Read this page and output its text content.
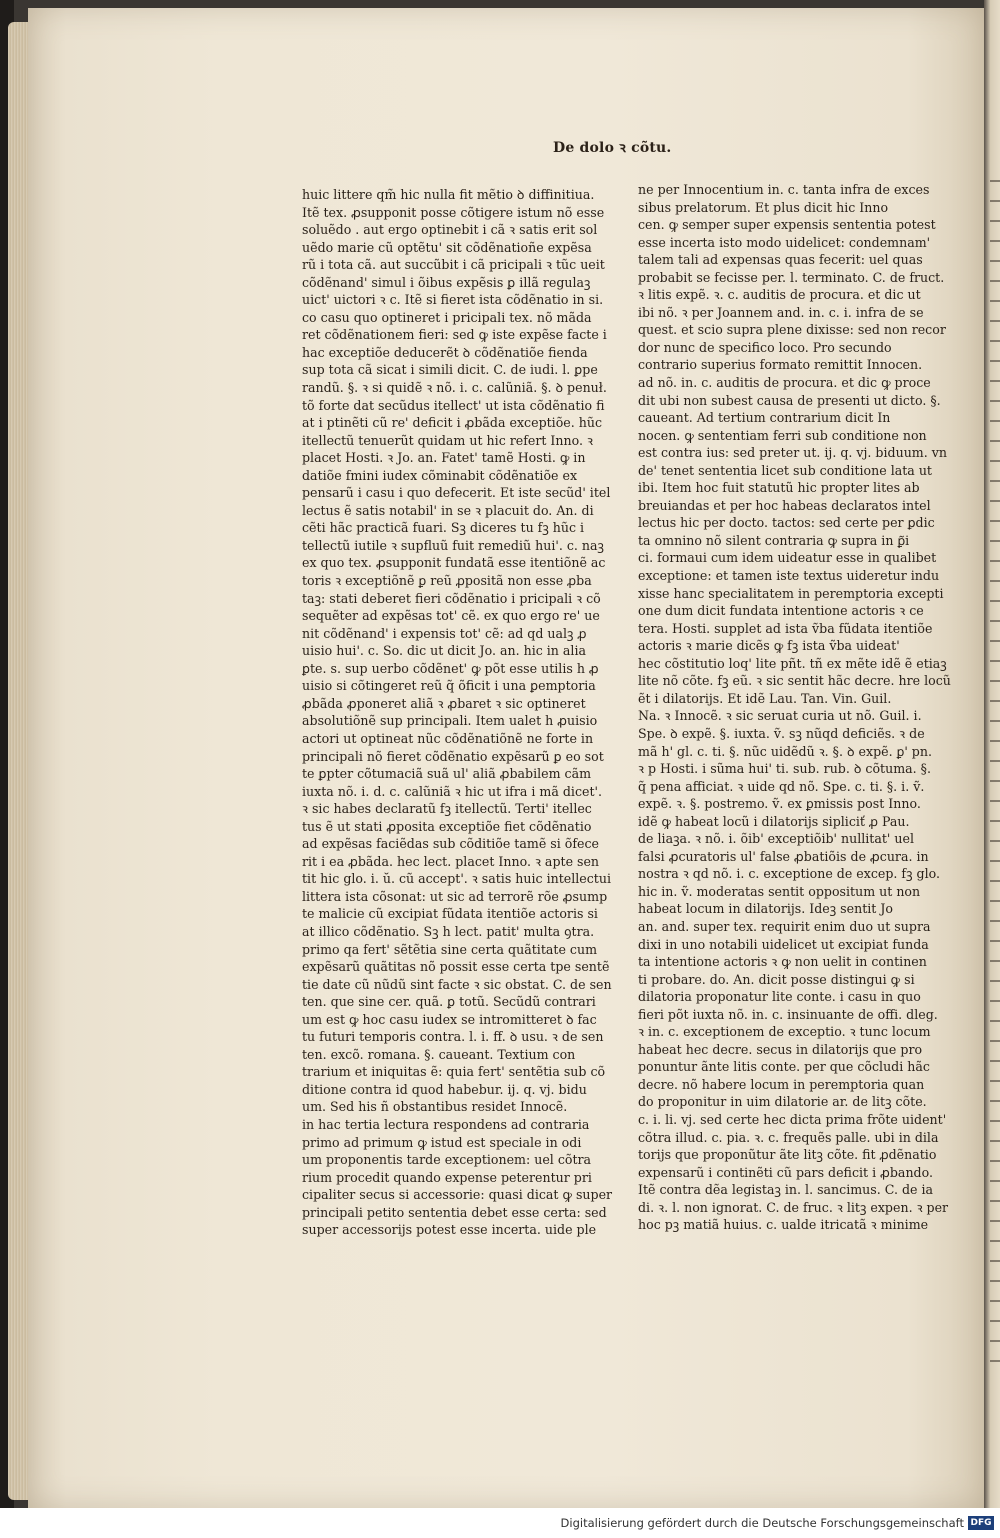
De dolo ꝛ cõtu.
huic littere qm̃ hic nulla fit mẽtio ꝺ diffinitiua.
Itẽ tex. ꝓsupponit posse cõtigere istum nõ esse
soluẽdo . aut ergo optinebit i cã ꝛ satis erit sol
uẽdo marie cũ optẽtu' sit cõdẽnatioñe expẽsa
rũ i tota cã. aut succũbit i cã pricipali ꝛ tũc ueit
cõdẽnand' simul i õibus expẽsis ꝑ illã regulaꝫ
uict' uictori ꝛ c. Itẽ si fieret ista cõdẽnatio in si.
co casu quo optineret i pricipali tex. nõ mãda
ret cõdẽnationem fieri: sed ꝙ iste expẽse facte i
hac exceptiõe deducerẽt ꝺ cõdẽnatiõe fienda
sup tota cã sicat i simili dicit. C. de iudi. l. ꝑpe
randũ. §. ꝛ si quidẽ ꝛ nõ. i. c. calũniã. §. ꝺ penuł.
tõ forte dat secũdus itellect' ut ista cõdẽnatio fi
at i ptinẽti cũ re' deficit i ꝓbãda exceptiõe. hũc
itellectũ tenuerũt quidam ut hic refert Inno. ꝛ
placet Hosti. ꝛ Jo. an. Fatet' tamẽ Hosti. ꝙ in
datiõe fmini iudex cõminabit cõdẽnatiõe ex
pensarũ i casu i quo defecerit. Et iste secũd' itel
lectus ẽ satis notabil' in se ꝛ placuit do. An. di
cẽti hãc practicã fuari. Sꝫ diceres tu fꝫ hũc i
tellectũ iutile ꝛ supfluũ fuit remediũ hui'. c. naꝫ
ex quo tex. ꝓsupponit fundatã esse itentiõnẽ ac
toris ꝛ exceptiõnẽ ꝑ reũ ꝓpositã non esse ꝓba
taꝫ: stati deberet fieri cõdẽnatio i pricipali ꝛ cõ
sequẽter ad expẽsas tot' cẽ. ex quo ergo re' ue
nit cõdẽnand' i expensis tot' cẽ: ad qd ualꝫ ꝓ
uisio hui'. c. So. dic ut dicit Jo. an. hic in alia
ꝑte. s. sup uerbo cõdẽnet' ꝙ põt esse utilis h ꝓ
uisio si cõtingeret reũ q̃ õficit i una ꝑemptoria
ꝓbãda ꝓponeret aliã ꝛ ꝓbaret ꝛ sic optineret
absolutiõnẽ sup principali. Item ualet h ꝓuisio
actori ut optineat nũc cõdẽnatiõnẽ ne forte in
principali nõ fieret cõdẽnatio expẽsarũ ꝑ eo sot
te ꝑpter cõtumaciã suã ul' aliã ꝓbabilem cãm
iuxta nõ. i. d. c. calũniã ꝛ hic ut ifra i mã dicet'.
ꝛ sic habes declaratũ fꝫ itellectũ. Terti' itellec
tus ẽ ut stati ꝓposita exceptiõe fiet cõdẽnatio
ad expẽsas faciẽdas sub cõditiõe tamẽ si õfece
rit i ea ꝓbãda. hec lect. placet Inno. ꝛ apte sen
tit hic glo. i. ŭ. cũ accept'. ꝛ satis huic intellectui
littera ista cõsonat: ut sic ad terrorẽ rõe ꝓsump
te malicie cũ excipiat fũdata itentiõe actoris si
at illico cõdẽnatio. Sꝫ h lect. patit' multa ꝯtra.
primo qa fert' sẽtẽtia sine certa quãtitate cum
expẽsarũ quãtitas nõ possit esse certa tpe sentẽ
tie date cũ nũdũ sint facte ꝛ sic obstat. C. de sen
ten. que sine cer. quã. ꝑ totũ. Secũdũ contrari
um est ꝙ hoc casu iudex se intromitteret ꝺ fac
tu futuri temporis contra. l. i. ff. ꝺ usu. ꝛ de sen
ten. excõ. romana. §. caueant. Textium con
trarium et iniquitas ẽ: quia fert' sentẽtia sub cõ
ditione contra id quod habebur. ij. q. vj. bidu
um. Sed his ñ obstantibus residet Innocẽ.
in hac tertia lectura respondens ad contraria
primo ad primum ꝙ istud est speciale in odi
um proponentis tarde exceptionem: uel cõtra
rium procedit quando expense peterentur pri
cipaliter secus si accessorie: quasi dicat ꝙ super
principali petito sententia debet esse certa: sed
super accessorijs potest esse incerta. uide ple
ne per Innocentium in. c. tanta infra de exces
sibus prelatorum. Et plus dicit hic Inno
cen. ꝙ semper super expensis sententia potest
esse incerta isto modo uidelicet: condemnam'
talem tali ad expensas quas fecerit: uel quas
probabit se fecisse per. l. terminato. C. de fruct.
ꝛ litis expẽ. ꝛ. c. auditis de procura. et dic ut
ibi nõ. ꝛ per Joannem and. in. c. i. infra de se
quest. et scio supra plene dixisse: sed non recor
dor nunc de specifico loco. Pro secundo
contrario superius formato remittit Innocen.
ad nõ. in. c. auditis de procura. et dic ꝙ proce
dit ubi non subest causa de presenti ut dicto. §.
caueant. Ad tertium contrarium dicit In
nocen. ꝙ sententiam ferri sub conditione non
est contra ius: sed preter ut. ij. q. vj. biduum. vn
de' tenet sententia licet sub conditione lata ut
ibi. Item hoc fuit statutũ hic propter lites ab
breuiandas et per hoc habeas declaratos intel
lectus hic per docto. tactos: sed certe per ꝑdic
ta omnino nõ silent contraria ꝙ supra in ꝑ̃i
ci. formaui cum idem uideatur esse in qualibet
exceptione: et tamen iste textus uideretur indu
xisse hanc specialitatem in peremptoria excepti
one dum dicit fundata intentione actoris ꝛ ce
tera. Hosti. supplet ad ista ṽba fũdata itentiõe
actoris ꝛ marie dicẽs ꝙ fꝫ ista ṽba uideat'
hec cõstitutio loq' lite pñt. tñ ex mẽte idẽ ẽ etiaꝫ
lite nõ cõte. fꝫ eũ. ꝛ sic sentit hãc decre. hre locũ
ẽt i dilatorijs. Et idẽ Lau. Tan. Vin. Guil.
Na. ꝛ Innocẽ. ꝛ sic seruat curia ut nõ. Guil. i.
Spe. ꝺ expẽ. §. iuxta. ṽ. sꝫ nũqd deficiẽs. ꝛ de
mã h' gl. c. ti. §. nũc uidẽdũ ꝛ. §. ꝺ expẽ. ꝑ' pn.
ꝛ p Hosti. i sũma hui' ti. sub. rub. ꝺ cõtuma. §.
q̃ pena afficiat. ꝛ uide qd nõ. Spe. c. ti. §. i. ṽ.
expẽ. ꝛ. §. postremo. ṽ. ex ꝑmissis post Inno.
idẽ ꝙ habeat locũ i dilatorijs sipliciť ꝓ Pau.
de liaꝫa. ꝛ nõ. i. õib' exceptiõib' nullitat' uel
falsi ꝓcuratoris ul' false ꝓbatiõis de ꝓcura. in
nostra ꝛ qd nõ. i. c. exceptione de excep. fꝫ glo.
hic in. ṽ. moderatas sentit oppositum ut non
habeat locum in dilatorijs. Ideꝫ sentit Jo
an. and. super tex. requirit enim duo ut supra
dixi in uno notabili uidelicet ut excipiat funda
ta intentione actoris ꝛ ꝙ non uelit in continen
ti probare. do. An. dicit posse distingui ꝙ si
dilatoria proponatur lite conte. i casu in quo
fieri põt iuxta nõ. in. c. insinuante de offi. dleg.
ꝛ in. c. exceptionem de exceptio. ꝛ tunc locum
habeat hec decre. secus in dilatorijs que pro
ponuntur ãnte litis conte. per que cõcludi hãc
decre. nõ habere locum in peremptoria quan
do proponitur in uim dilatorie ar. de litꝫ cõte.
c. i. li. vj. sed certe hec dicta prima frõte uident'
cõtra illud. c. pia. ꝛ. c. frequẽs palle. ubi in dila
torijs que proponũtur ãte litꝫ cõte. fit ꝓdẽnatio
expensarũ i continẽti cũ pars deficit i ꝓbando.
Itẽ contra dẽa legistaꝫ in. l. sancimus. C. de ia
di. ꝛ. l. non ignorat. C. de fruc. ꝛ litꝫ expen. ꝛ per
hoc pꝫ matiã huius. c. ualde itricatã ꝛ minime
Digitalisierung gefördert durch die Deutsche Forschungsgemeinschaft DFG
